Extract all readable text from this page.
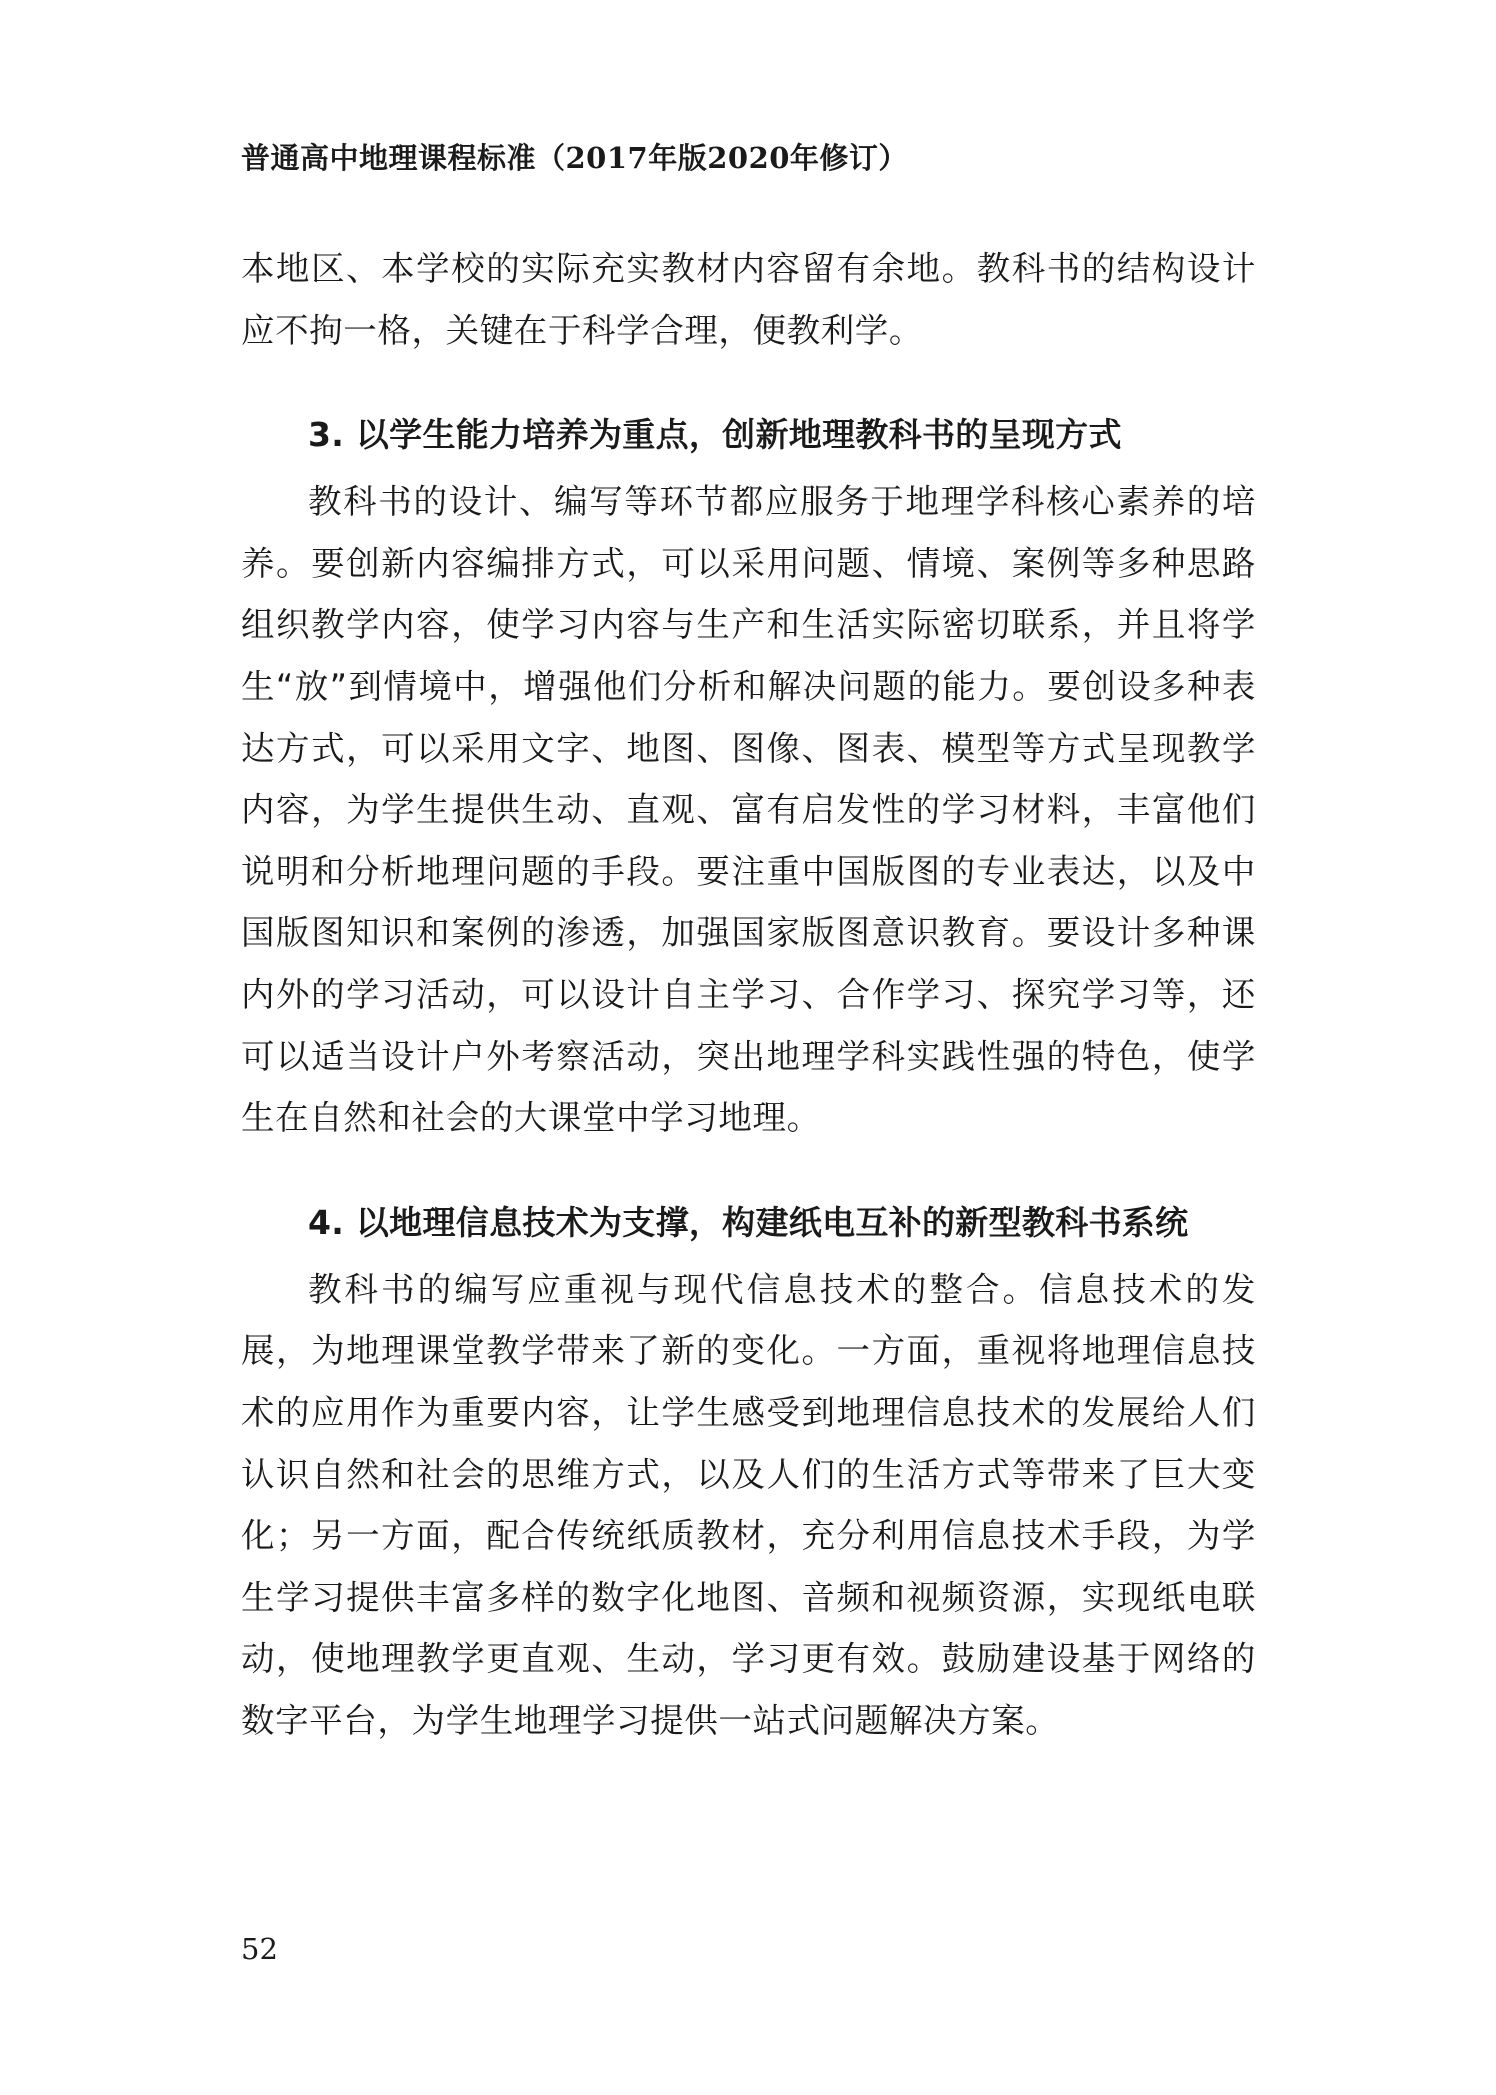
普通高中地理课程标准（2017年版2020年修订）

本地区、本学校的实际充实教材内容留有余地。教科书的结构设计应不拘一格，关键在于科学合理，便教利学。

3. 以学生能力培养为重点，创新地理教科书的呈现方式

教科书的设计、编写等环节都应服务于地理学科核心素养的培养。要创新内容编排方式，可以采用问题、情境、案例等多种思路组织教学内容，使学习内容与生产和生活实际密切联系，并且将学生“放”到情境中，增强他们分析和解决问题的能力。要创设多种表达方式，可以采用文字、地图、图像、图表、模型等方式呈现教学内容，为学生提供生动、直观、富有启发性的学习材料，丰富他们说明和分析地理问题的手段。要注重中国版图的专业表达，以及中国版图知识和案例的渗透，加强国家版图意识教育。要设计多种课内外的学习活动，可以设计自主学习、合作学习、探究学习等，还可以适当设计户外考察活动，突出地理学科实践性强的特色，使学生在自然和社会的大课堂中学习地理。

4. 以地理信息技术为支撑，构建纸电互补的新型教科书系统

教科书的编写应重视与现代信息技术的整合。信息技术的发展，为地理课堂教学带来了新的变化。一方面，重视将地理信息技术的应用作为重要内容，让学生感受到地理信息技术的发展给人们认识自然和社会的思维方式，以及人们的生活方式等带来了巨大变化；另一方面，配合传统纸质教材，充分利用信息技术手段，为学生学习提供丰富多样的数字化地图、音频和视频资源，实现纸电联动，使地理教学更直观、生动，学习更有效。鼓励建设基于网络的数字平台，为学生地理学习提供一站式问题解决方案。

52
